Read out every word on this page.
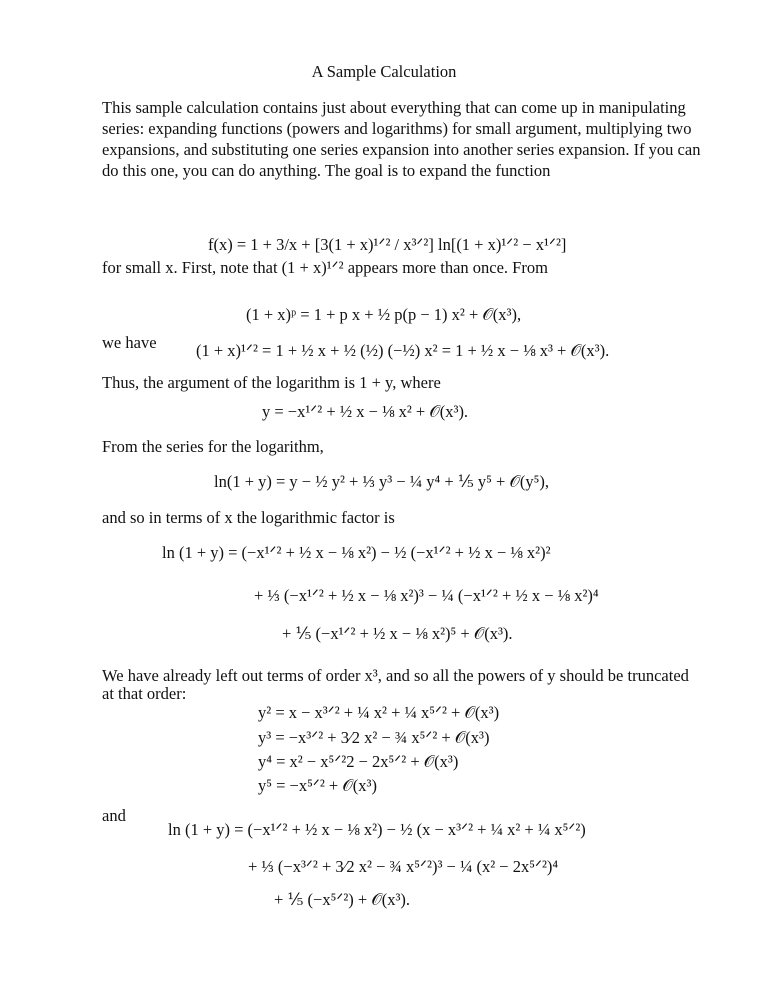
A Sample Calculation
This sample calculation contains just about everything that can come up in manipulating
series: expanding functions (powers and logarithms) for small argument, multiplying two
expansions, and substituting one series expansion into another series expansion. If you can
do this one, you can do anything. The goal is to expand the function
f(x) = 1 + 3/x + [3(1 + x)¹ᐟ² / x³ᐟ²] ln[(1 + x)¹ᐟ² − x¹ᐟ²]
for small x. First, note that (1 + x)¹ᐟ² appears more than once. From
(1 + x)ᵖ = 1 + p x + ½ p(p − 1) x² + 𝒪(x³),
we have (1 + x)¹ᐟ² = 1 + ½ x + ½ (½) (−½) x² = 1 + ½ x − ⅛ x³ + 𝒪(x³).
Thus, the argument of the logarithm is 1 + y, where
y = −x¹ᐟ² + ½ x − ⅛ x² + 𝒪(x³).
From the series for the logarithm,
ln(1 + y) = y − ½ y² + ⅓ y³ − ¼ y⁴ + ⅕ y⁵ + 𝒪(y⁵),
and so in terms of x the logarithmic factor is
ln (1 + y) = (−x¹ᐟ² + ½ x − ⅛ x²) − ½ (−x¹ᐟ² + ½ x − ⅛ x²)²
+ ⅓ (−x¹ᐟ² + ½ x − ⅛ x²)³ − ¼ (−x¹ᐟ² + ½ x − ⅛ x²)⁴
+ ⅕ (−x¹ᐟ² + ½ x − ⅛ x²)⁵ + 𝒪(x³).
We have already left out terms of order x³, and so all the powers of y should be truncated
at that order:
y² = x − x³ᐟ² + ¼ x² + ¼ x⁵ᐟ² + 𝒪(x³)
y³ = −x³ᐟ² + 3⁄2 x² − ¾ x⁵ᐟ² + 𝒪(x³)
y⁴ = x² − x⁵ᐟ²2 − 2x⁵ᐟ² + 𝒪(x³)
y⁵ = −x⁵ᐟ² + 𝒪(x³)
and
ln (1 + y) = (−x¹ᐟ² + ½ x − ⅛ x²) − ½ (x − x³ᐟ² + ¼ x² + ¼ x⁵ᐟ²)
+ ⅓ (−x³ᐟ² + 3⁄2 x² − ¾ x⁵ᐟ²)³ − ¼ (x² − 2x⁵ᐟ²)⁴
+ ⅕ (−x⁵ᐟ²) + 𝒪(x³).
